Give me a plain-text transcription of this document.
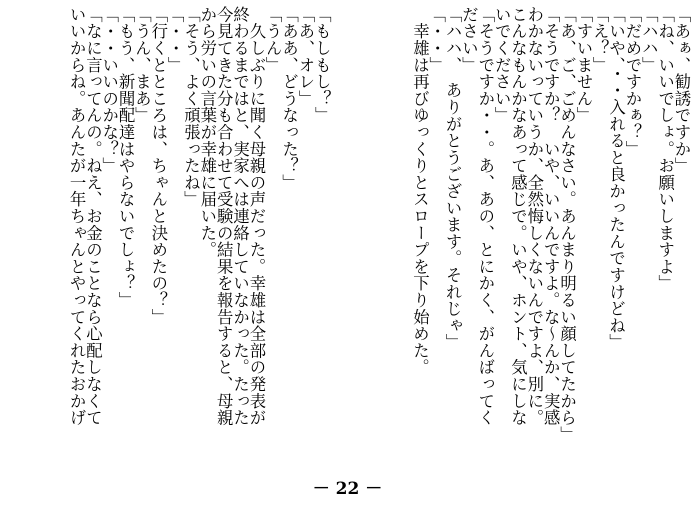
「あぁ、勧誘ですか」
「ね、いいでしょ。お願いしますよ」
「ハハ」
「だめですかぁ？」
「いや、・・入れると良かったんですけどね」
「え？」
「すいません」
「あ、ご、ごめんなさい。あんまり明るい顔してたから」
「そうですか？　いや、いいんですよ。な～んか、実感
わかないっていうか、全然悔しくないんですよ、別に。
こんなもんかなあって感じで。いや、ホント、気にしな
いでください」
「そうですか・・。あ、あの、とにかく、がんばってく
ださい」
「ハハ、　ありがとうございます。それじゃ」
「・・」
　幸雄は再びゆっくりとスロープを下り始めた。
「もしもし？」
「あ、オレ」
「ああ、どうなった？」
「うん」
　久しぶりに聞く母親の声だった。幸雄は全部の発表が
終わるまではと、実家へは連絡していなかった。たった
今見てきた分も合わせて受験の結果を報告すると、母親
から労いの言葉が幸雄に届いた。
「そう、よく頑張ったね」
「・・」
「行くとところは、ちゃんと決めたの？」
「うん、まあ」
「もう、新聞配達はやらないでしょ？」
「・・いいのかな？」
「なに言ってんの。ねえ、お金のことなら心配しなくて
いいからね。あんたが一年ちゃんとやってくれたおかげ
－ 22 －
